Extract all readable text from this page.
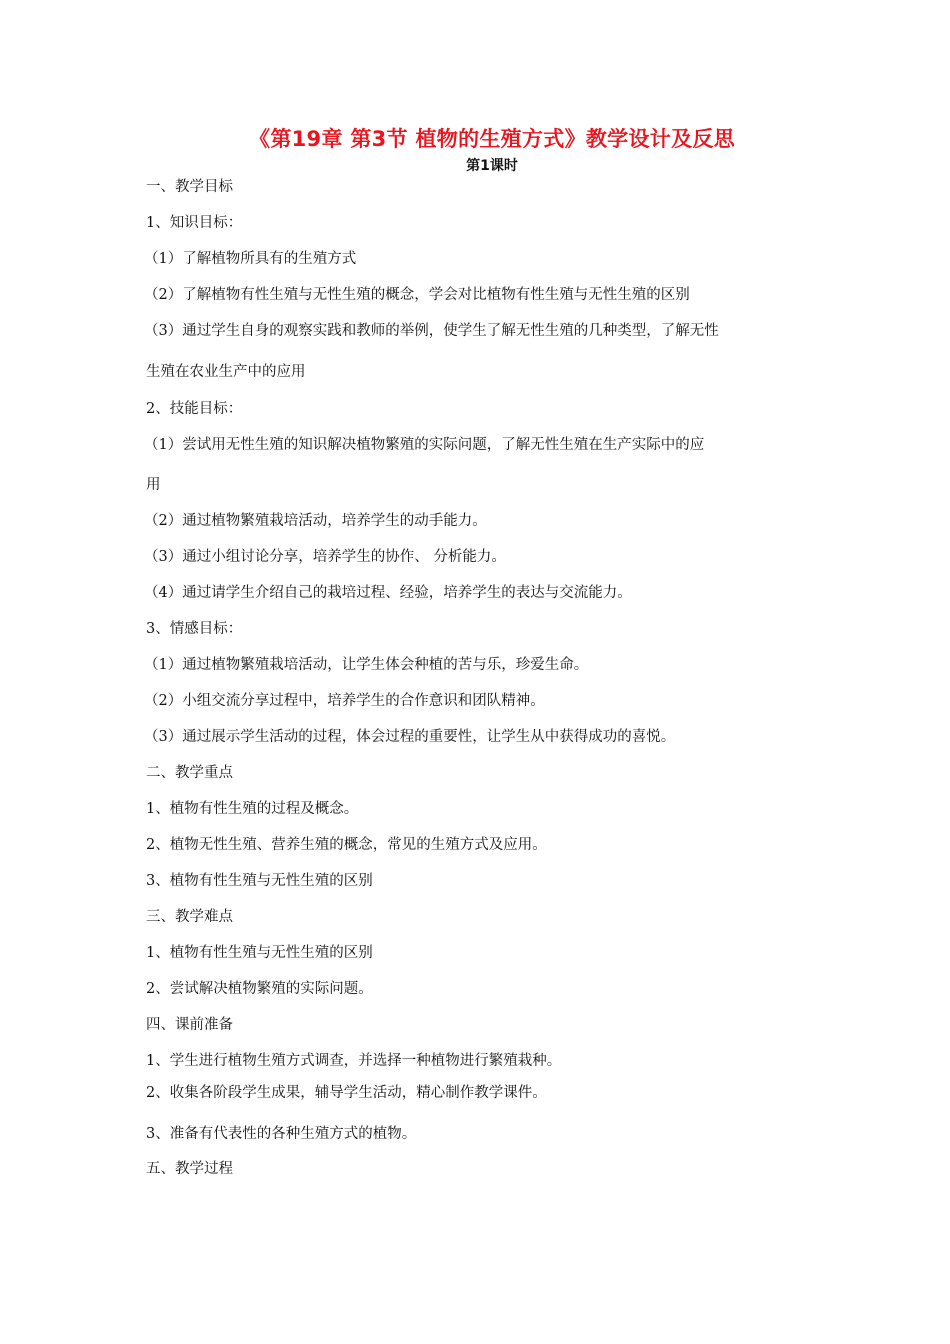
《第19章 第3节 植物的生殖方式》教学设计及反思
第1课时
一、教学目标
1、知识目标：
（1）了解植物所具有的生殖方式
（2）了解植物有性生殖与无性生殖的概念，学会对比植物有性生殖与无性生殖的区别
（3）通过学生自身的观察实践和教师的举例，使学生了解无性生殖的几种类型，了解无性
生殖在农业生产中的应用
2、技能目标：
（1）尝试用无性生殖的知识解决植物繁殖的实际问题，了解无性生殖在生产实际中的应
用
（2）通过植物繁殖栽培活动，培养学生的动手能力。
（3）通过小组讨论分享，培养学生的协作、 分析能力。
（4）通过请学生介绍自己的栽培过程、经验，培养学生的表达与交流能力。
3、情感目标：
（1）通过植物繁殖栽培活动，让学生体会种植的苦与乐，珍爱生命。
（2）小组交流分享过程中，培养学生的合作意识和团队精神。
（3）通过展示学生活动的过程，体会过程的重要性，让学生从中获得成功的喜悦。
二、教学重点
1、植物有性生殖的过程及概念。
2、植物无性生殖、营养生殖的概念，常见的生殖方式及应用。
3、植物有性生殖与无性生殖的区别
三、教学难点
1、植物有性生殖与无性生殖的区别
2、尝试解决植物繁殖的实际问题。
四、课前准备
1、学生进行植物生殖方式调查，并选择一种植物进行繁殖栽种。
2、收集各阶段学生成果，辅导学生活动，精心制作教学课件。
3、准备有代表性的各种生殖方式的植物。
五、教学过程
